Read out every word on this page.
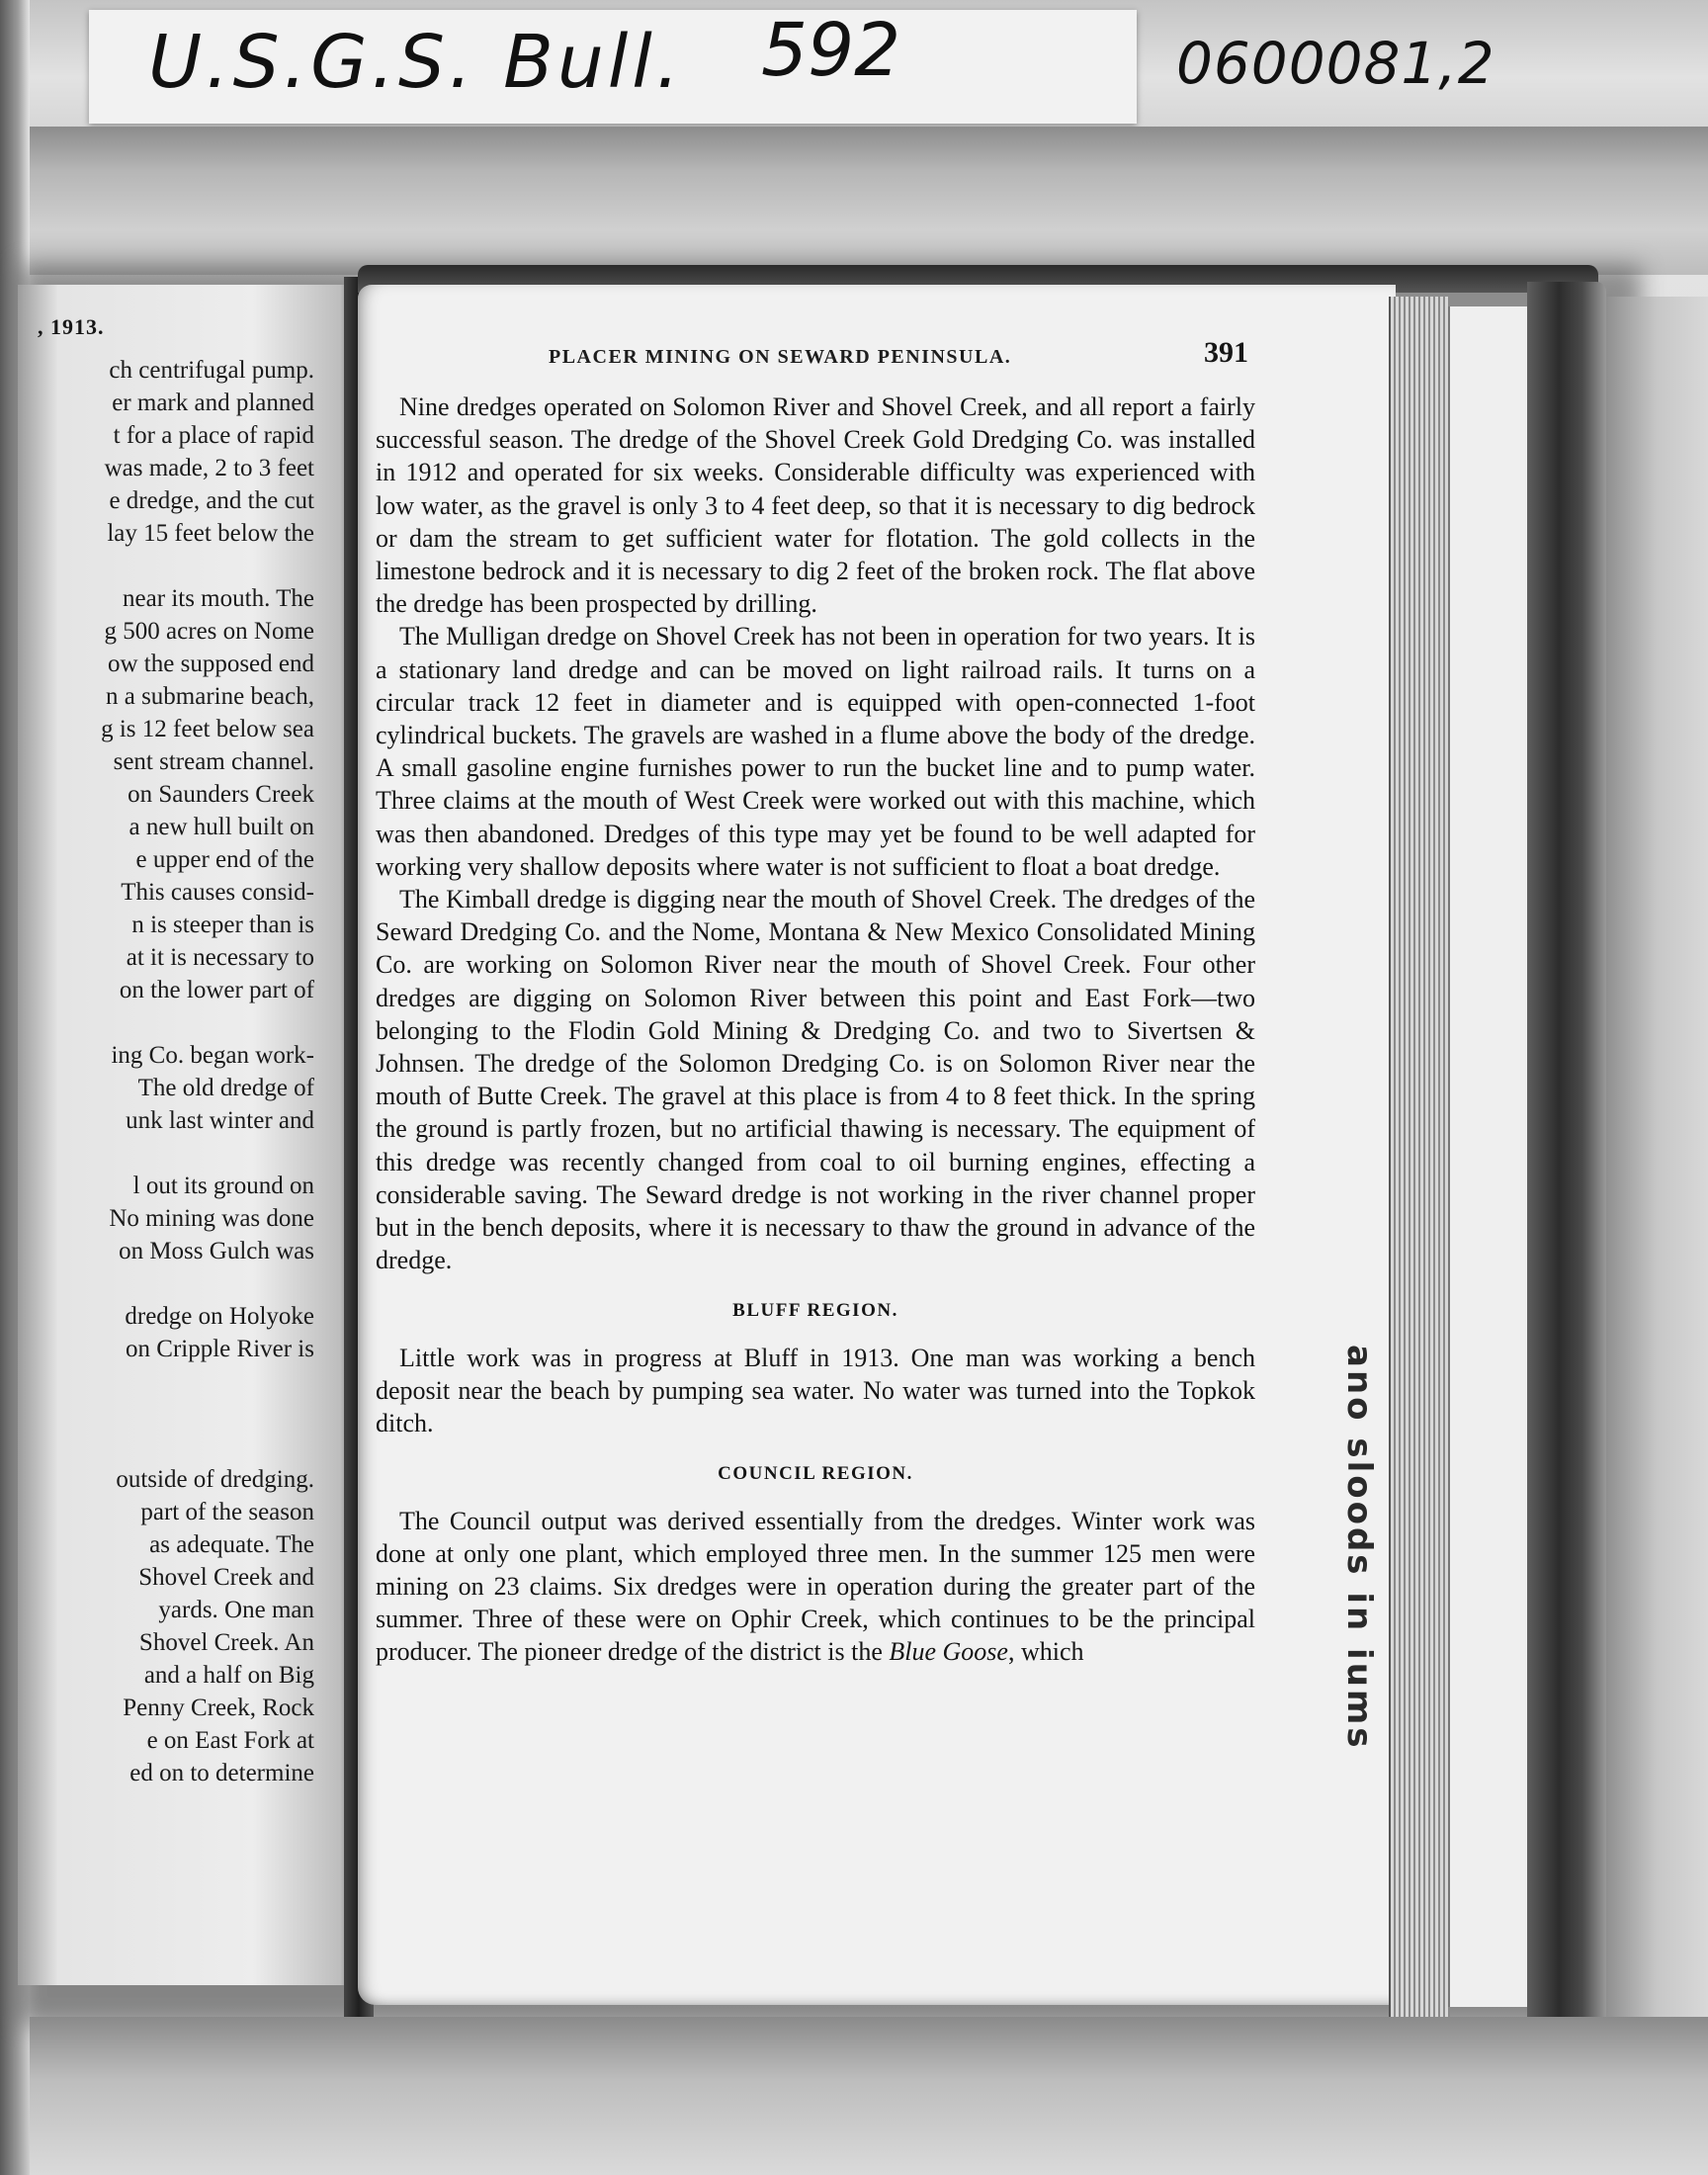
U.S.G.S. Bull. 592	0600081,2
, 1913.
ch centrifugal pump.
er mark and planned
t for a place of rapid
was made, 2 to 3 feet
e dredge, and the cut
lay 15 feet below the
near its mouth. The
g 500 acres on Nome
ow the supposed end
n a submarine beach,
g is 12 feet below sea
sent stream channel.
on Saunders Creek
a new hull built on
e upper end of the
This causes consid-
n is steeper than is
at it is necessary to
on the lower part of
ing Co. began work-
The old dredge of
unk last winter and
l out its ground on
No mining was done
on Moss Gulch was
dredge on Holyoke
on Cripple River is
outside of dredging.
part of the season
as adequate. The
Shovel Creek and
yards. One man
Shovel Creek. An
and a half on Big
Penny Creek, Rock
e on East Fork at
ed on to determine
ano sloods in iums
PLACER MINING ON SEWARD PENINSULA.	391

Nine dredges operated on Solomon River and Shovel Creek, and all report a fairly successful season. The dredge of the Shovel Creek Gold Dredging Co. was installed in 1912 and operated for six weeks. Considerable difficulty was experienced with low water, as the gravel is only 3 to 4 feet deep, so that it is necessary to dig bedrock or dam the stream to get sufficient water for flotation. The gold collects in the limestone bedrock and it is necessary to dig 2 feet of the broken rock. The flat above the dredge has been prospected by drilling.

The Mulligan dredge on Shovel Creek has not been in operation for two years. It is a stationary land dredge and can be moved on light railroad rails. It turns on a circular track 12 feet in diameter and is equipped with open-connected 1-foot cylindrical buckets. The gravels are washed in a flume above the body of the dredge. A small gasoline engine furnishes power to run the bucket line and to pump water. Three claims at the mouth of West Creek were worked out with this machine, which was then abandoned. Dredges of this type may yet be found to be well adapted for working very shallow deposits where water is not sufficient to float a boat dredge.

The Kimball dredge is digging near the mouth of Shovel Creek. The dredges of the Seward Dredging Co. and the Nome, Montana & New Mexico Consolidated Mining Co. are working on Solomon River near the mouth of Shovel Creek. Four other dredges are digging on Solomon River between this point and East Fork—two belonging to the Flodin Gold Mining & Dredging Co. and two to Sivertsen & Johnsen. The dredge of the Solomon Dredging Co. is on Solomon River near the mouth of Butte Creek. The gravel at this place is from 4 to 8 feet thick. In the spring the ground is partly frozen, but no artificial thawing is necessary. The equipment of this dredge was recently changed from coal to oil burning engines, effecting a considerable saving. The Seward dredge is not working in the river channel proper but in the bench deposits, where it is necessary to thaw the ground in advance of the dredge.

BLUFF REGION.

Little work was in progress at Bluff in 1913. One man was working a bench deposit near the beach by pumping sea water. No water was turned into the Topkok ditch.

COUNCIL REGION.

The Council output was derived essentially from the dredges. Winter work was done at only one plant, which employed three men. In the summer 125 men were mining on 23 claims. Six dredges were in operation during the greater part of the summer. Three of these were on Ophir Creek, which continues to be the principal producer. The pioneer dredge of the district is the Blue Goose, which
